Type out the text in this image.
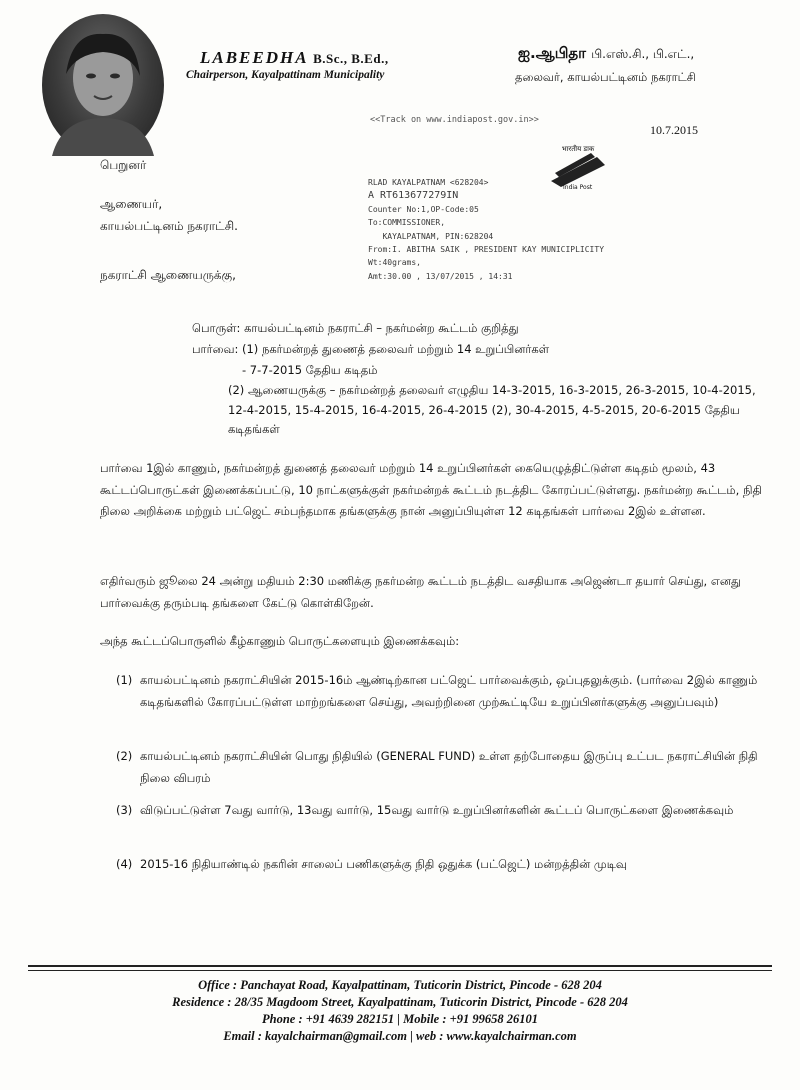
LABEEDHA B.Sc., B.Ed.,
Chairperson, Kayalpattinam Municipality
ஐ.ஆபிதா பி.எஸ்.சி., பி.எட்.,
தலைவர், காயல்பட்டினம் நகராட்சி
<<Track on www.indiapost.gov.in>>
10.7.2015
भारतीय डाक
India Post
பெறுனர்
ஆணையர்,
காயல்பட்டினம் நகராட்சி.
RLAD KAYALPATNAM <628204>
A RT613677279IN
Counter No:1,OP-Code:05
To:COMMISSIONER,
KAYALPATNAM, PIN:628204
From:I. ABITHA SAIK , PRESIDENT KAY MUNICIPLICITY
Wt:40grams,
Amt:30.00 , 13/07/2015 , 14:31
நகராட்சி ஆணையருக்கு,
பொருள்: காயல்பட்டினம் நகராட்சி – நகர்மன்ற கூட்டம் குறித்து
பார்வை: (1) நகர்மன்றத் துணைத் தலைவர் மற்றும் 14 உறுப்பினர்கள்
- 7-7-2015 தேதிய கடிதம்
(2) ஆணையருக்கு – நகர்மன்றத் தலைவர் எழுதிய 14-3-2015, 16-3-2015, 26-3-2015, 10-4-2015, 12-4-2015, 15-4-2015, 16-4-2015, 26-4-2015 (2), 30-4-2015, 4-5-2015, 20-6-2015 தேதிய கடிதங்கள்
பார்வை 1இல் காணும், நகர்மன்றத் துணைத் தலைவர் மற்றும் 14 உறுப்பினர்கள் கையெழுத்திட்டுள்ள கடிதம் மூலம், 43 கூட்டப்பொருட்கள் இணைக்கப்பட்டு, 10 நாட்களுக்குள் நகர்மன்றக் கூட்டம் நடத்திட கோரப்பட்டுள்ளது. நகர்மன்ற கூட்டம், நிதி நிலை அறிக்கை மற்றும் பட்ஜெட் சம்பந்தமாக தங்களுக்கு நான் அனுப்பியுள்ள 12 கடிதங்கள் பார்வை 2இல் உள்ளன.
எதிர்வரும் ஜூலை 24 அன்று மதியம் 2:30 மணிக்கு நகர்மன்ற கூட்டம் நடத்திட வசதியாக அஜெண்டா தயார் செய்து, எனது பார்வைக்கு தரும்படி தங்களை கேட்டு கொள்கிறேன்.
அந்த கூட்டப்பொருளில் கீழ்காணும் பொருட்களையும் இணைக்கவும்:
(1) காயல்பட்டினம் நகராட்சியின் 2015-16ம் ஆண்டிற்கான பட்ஜெட் பார்வைக்கும், ஒப்புதலுக்கும். (பார்வை 2இல் காணும் கடிதங்களில் கோரப்பட்டுள்ள மாற்றங்களை செய்து, அவற்றினை முற்கூட்டியே உறுப்பினர்களுக்கு அனுப்பவும்)
(2) காயல்பட்டினம் நகராட்சியின் பொது நிதியில் (GENERAL FUND) உள்ள தற்போதைய இருப்பு உட்பட நகராட்சியின் நிதி நிலை விபரம்
(3) விடுப்பட்டுள்ள 7வது வார்டு, 13வது வார்டு, 15வது வார்டு உறுப்பினர்களின் கூட்டப் பொருட்களை இணைக்கவும்
(4) 2015-16 நிதியாண்டில் நகரின் சாலைப் பணிகளுக்கு நிதி ஒதுக்க (பட்ஜெட்) மன்றத்தின் முடிவு
Office : Panchayat Road, Kayalpattinam, Tuticorin District, Pincode - 628 204
Residence : 28/35 Magdoom Street, Kayalpattinam, Tuticorin District, Pincode - 628 204
Phone : +91 4639 282151 | Mobile : +91 99658 26101
Email : kayalchairman@gmail.com | web : www.kayalchairman.com
